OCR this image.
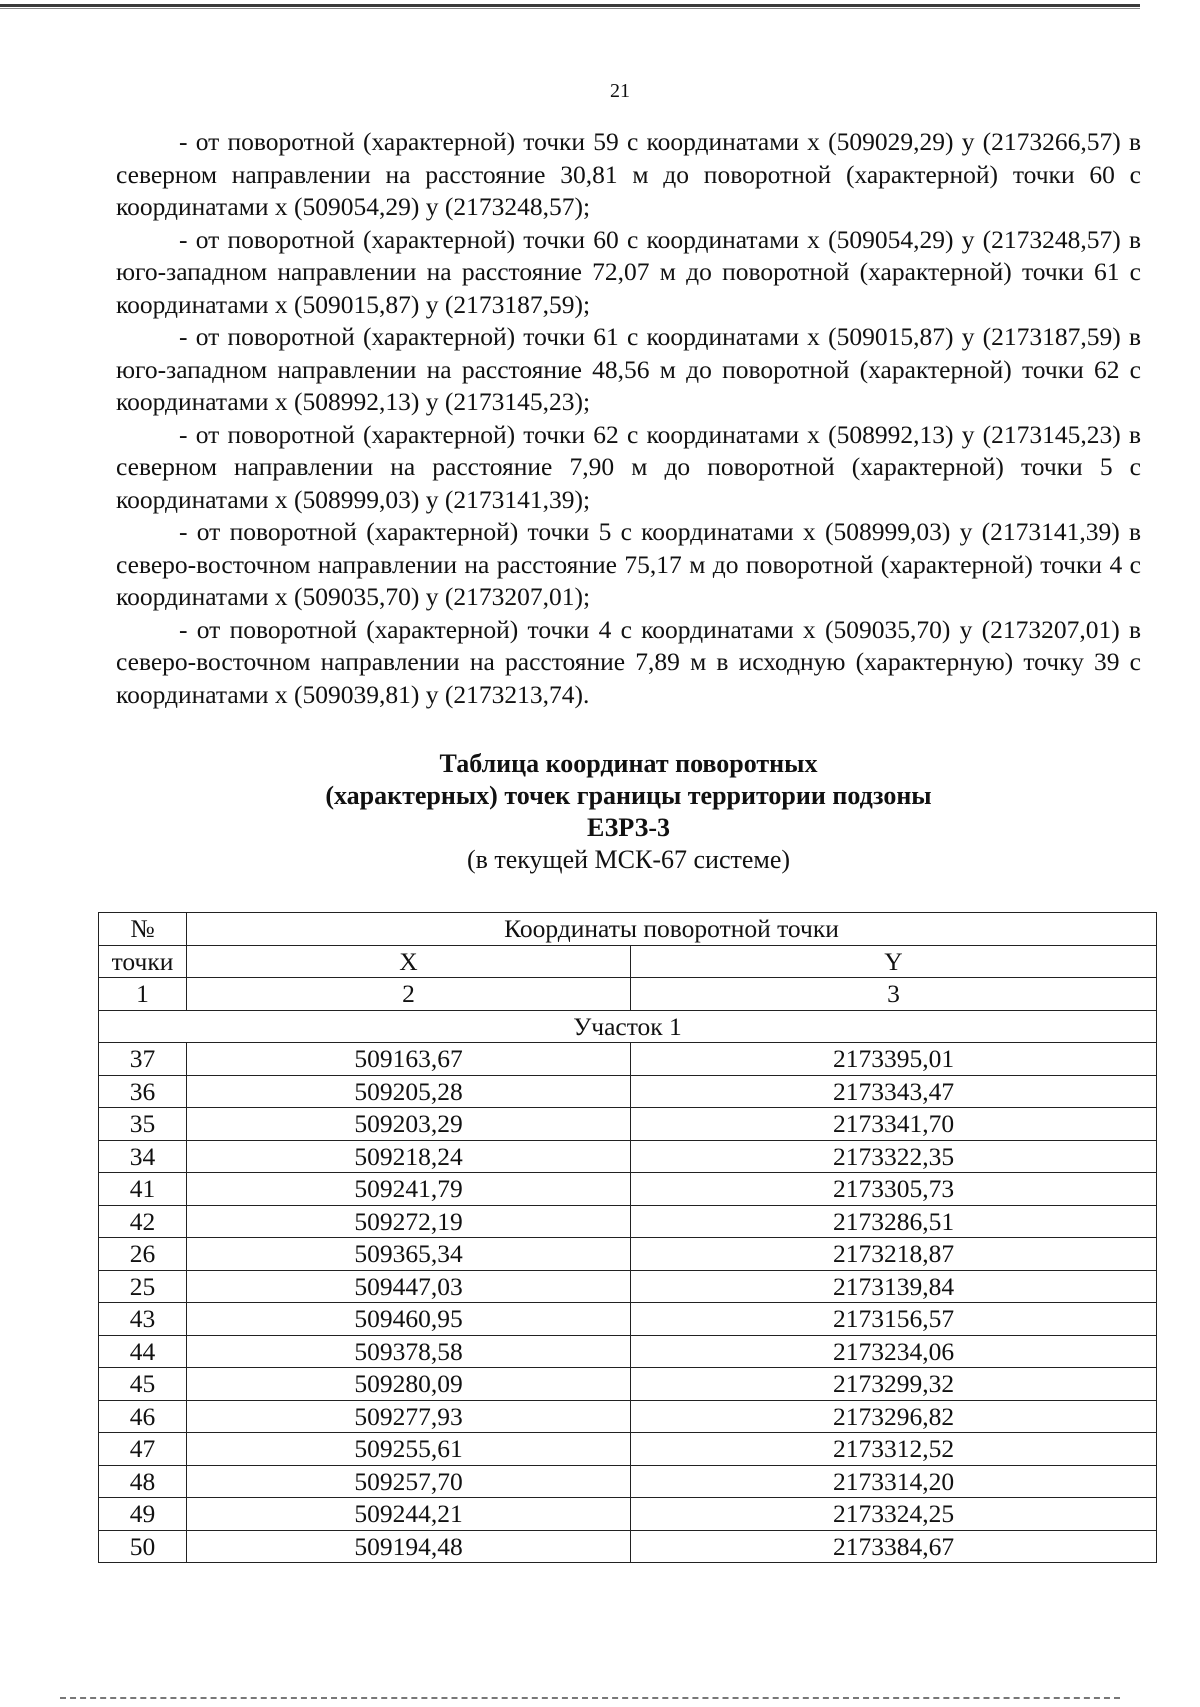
21

- от поворотной (характерной) точки 59 с координатами x (509029,29) y (2173266,57) в северном направлении на расстояние 30,81 м до поворотной (характерной) точки 60 с координатами x (509054,29) y (2173248,57);

- от поворотной (характерной) точки 60 с координатами x (509054,29) y (2173248,57) в юго-западном направлении на расстояние 72,07 м до поворотной (характерной) точки 61 с координатами x (509015,87) y (2173187,59);

- от поворотной (характерной) точки 61 с координатами x (509015,87) y (2173187,59) в юго-западном направлении на расстояние 48,56 м до поворотной (характерной) точки 62 с координатами x (508992,13) y (2173145,23);

- от поворотной (характерной) точки 62 с координатами x (508992,13) y (2173145,23) в северном направлении на расстояние 7,90 м до поворотной (характерной) точки 5 с координатами x (508999,03) y (2173141,39);

- от поворотной (характерной) точки 5 с координатами x (508999,03) y (2173141,39) в северо-восточном направлении на расстояние 75,17 м до поворотной (характерной) точки 4 с координатами x (509035,70) y (2173207,01);

- от поворотной (характерной) точки 4 с координатами x (509035,70) y (2173207,01) в северо-восточном направлении на расстояние 7,89 м в исходную (характерную) точку 39 с координатами x (509039,81) y (2173213,74).

Таблица координат поворотных
(характерных) точек границы территории подзоны
ЕЗРЗ-3
(в текущей МСК-67 системе)
№	Координаты поворотной точки	
точки	X	Y
1	2	3
Участок 1		
37	509163,67	2173395,01
36	509205,28	2173343,47
35	509203,29	2173341,70
34	509218,24	2173322,35
41	509241,79	2173305,73
42	509272,19	2173286,51
26	509365,34	2173218,87
25	509447,03	2173139,84
43	509460,95	2173156,57
44	509378,58	2173234,06
45	509280,09	2173299,32
46	509277,93	2173296,82
47	509255,61	2173312,52
48	509257,70	2173314,20
49	509244,21	2173324,25
50	509194,48	2173384,67
